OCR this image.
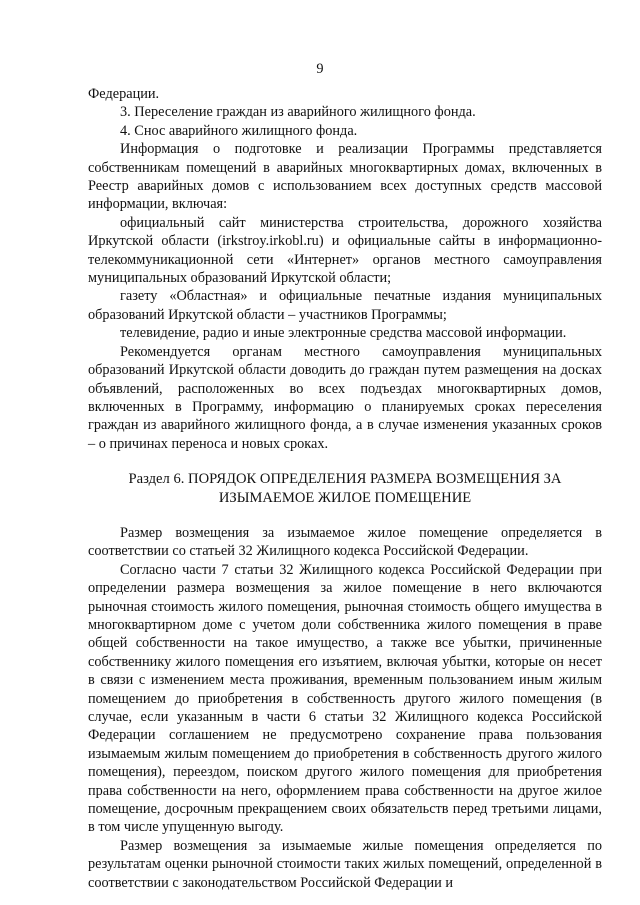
9

Федерации.

3. Переселение граждан из аварийного жилищного фонда.

4. Снос аварийного жилищного фонда.

Информация о подготовке и реализации Программы представляется собственникам помещений в аварийных многоквартирных домах, включенных в Реестр аварийных домов с использованием всех доступных средств массовой информации, включая:

официальный сайт министерства строительства, дорожного хозяйства Иркутской области (irkstroy.irkobl.ru) и официальные сайты в информационно-телекоммуникационной сети «Интернет» органов местного самоуправления муниципальных образований Иркутской области;

газету «Областная» и официальные печатные издания муниципальных образований Иркутской области – участников Программы;

телевидение, радио и иные электронные средства массовой информации.

Рекомендуется органам местного самоуправления муниципальных образований Иркутской области доводить до граждан путем размещения на досках объявлений, расположенных во всех подъездах многоквартирных домов, включенных в Программу, информацию о планируемых сроках переселения граждан из аварийного жилищного фонда, а в случае изменения указанных сроков – о причинах переноса и новых сроках.

Раздел 6. ПОРЯДОК ОПРЕДЕЛЕНИЯ РАЗМЕРА ВОЗМЕЩЕНИЯ ЗА
ИЗЫМАЕМОЕ ЖИЛОЕ ПОМЕЩЕНИЕ

Размер возмещения за изымаемое жилое помещение определяется в соответствии со статьей 32 Жилищного кодекса Российской Федерации.

Согласно части 7 статьи 32 Жилищного кодекса Российской Федерации при определении размера возмещения за жилое помещение в него включаются рыночная стоимость жилого помещения, рыночная стоимость общего имущества в многоквартирном доме с учетом доли собственника жилого помещения в праве общей собственности на такое имущество, а также все убытки, причиненные собственнику жилого помещения его изъятием, включая убытки, которые он несет в связи с изменением места проживания, временным пользованием иным жилым помещением до приобретения в собственность другого жилого помещения (в случае, если указанным в части 6 статьи 32 Жилищного кодекса Российской Федерации соглашением не предусмотрено сохранение права пользования изымаемым жилым помещением до приобретения в собственность другого жилого помещения), переездом, поиском другого жилого помещения для приобретения права собственности на него, оформлением права собственности на другое жилое помещение, досрочным прекращением своих обязательств перед третьими лицами, в том числе упущенную выгоду.

Размер возмещения за изымаемые жилые помещения определяется по результатам оценки рыночной стоимости таких жилых помещений, определенной в соответствии с законодательством Российской Федерации и
